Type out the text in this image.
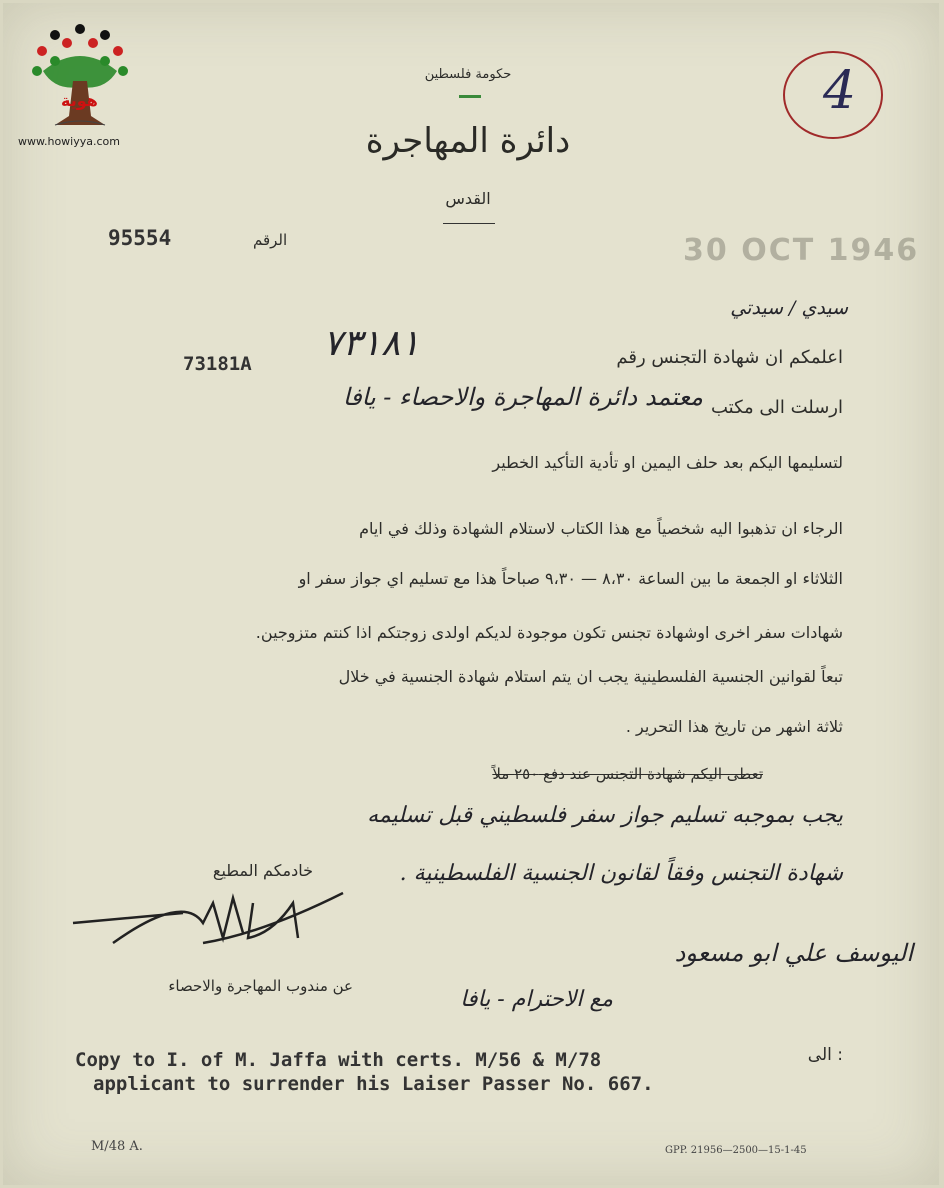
هوية
www.howiyya.com
حكومة فلسطين
دائرة المهاجرة
القدس
الرقم
95554
4
30 OCT 1946
سيدي / سيدتي
اعلمكم ان شهادة التجنس رقم
73181A ٧٣١٨١
ارسلت الى مكتب
معتمد دائرة المهاجرة والاحصاء - يافا
لتسليمها اليكم بعد حلف اليمين او تأدية التأكيد الخطير
الرجاء ان تذهبوا اليه شخصياً مع هذا الكتاب لاستلام الشهادة وذلك في ايام
الثلاثاء او الجمعة ما بين الساعة ٨،٣٠ — ٩،٣٠ صباحاً هذا مع تسليم اي جواز سفر او
شهادات سفر اخرى اوشهادة تجنس تكون موجودة لديكم اولدى زوجتكم اذا كنتم متزوجين.
تبعاً لقوانين الجنسية الفلسطينية يجب ان يتم استلام شهادة الجنسية في خلال
ثلاثة اشهر من تاريخ هذا التحرير .
تعطى اليكم شهادة التجنس عند دفع ٢٥٠ ملاً
يجب بموجبه تسليم جواز سفر فلسطيني قبل تسليمه
شهادة التجنس وفقاً لقانون الجنسية الفلسطينية .
اليوسف علي ابو مسعود
مع الاحترام - يافا
خادمكم المطيع
عن مندوب المهاجرة والاحصاء
: الى
Copy to I. of M. Jaffa with certs. M/56 & M/78
applicant to surrender his Laiser Passer No. 667.
M/48 A.	GPP. 21956—2500—15-1-45
